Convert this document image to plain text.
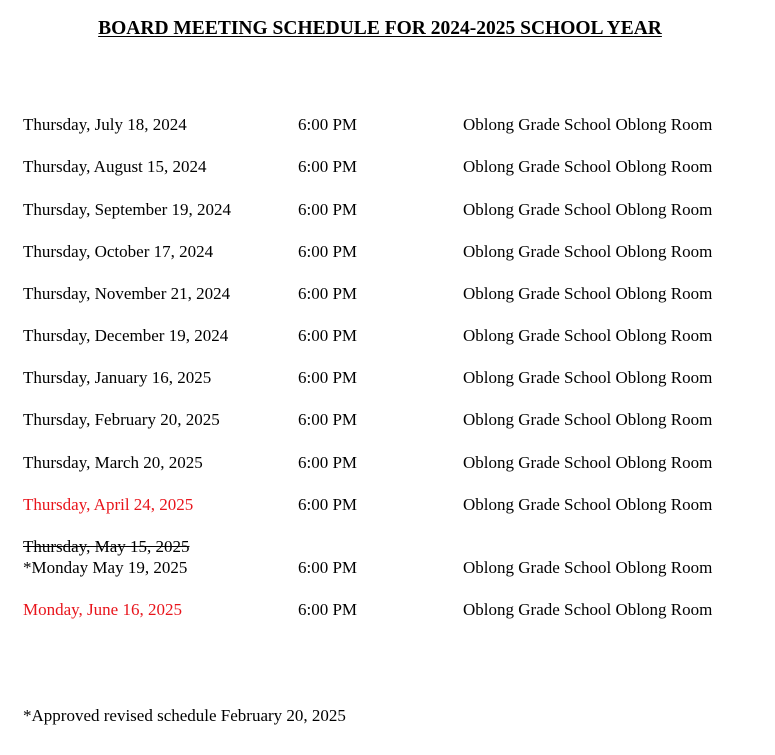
BOARD MEETING SCHEDULE FOR 2024-2025 SCHOOL YEAR
Thursday, July 18, 2024	6:00 PM	Oblong Grade School Oblong Room
Thursday, August 15, 2024	6:00 PM	Oblong Grade School Oblong Room
Thursday, September 19, 2024	6:00 PM	Oblong Grade School Oblong Room
Thursday, October 17, 2024	6:00 PM	Oblong Grade School Oblong Room
Thursday, November 21, 2024	6:00 PM	Oblong Grade School Oblong Room
Thursday, December 19, 2024	6:00 PM	Oblong Grade School Oblong Room
Thursday, January 16, 2025	6:00 PM	Oblong Grade School Oblong Room
Thursday, February 20, 2025	6:00 PM	Oblong Grade School Oblong Room
Thursday, March 20, 2025	6:00 PM	Oblong Grade School Oblong Room
Thursday, April 24, 2025	6:00 PM	Oblong Grade School Oblong Room
Thursday, May 15, 2025
*Monday May 19, 2025	6:00 PM	Oblong Grade School Oblong Room
Monday, June 16, 2025	6:00 PM	Oblong Grade School Oblong Room
*Approved revised schedule February 20, 2025
